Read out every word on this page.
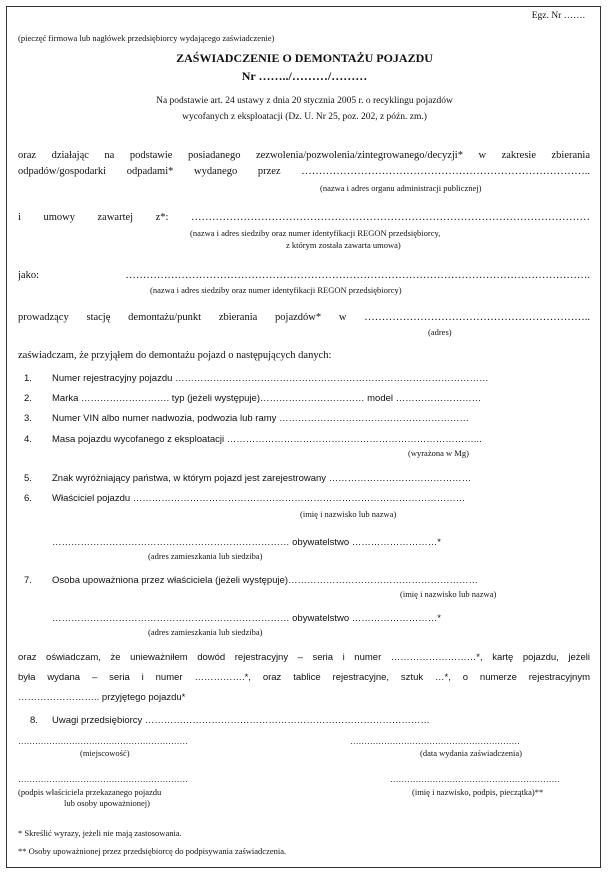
Egz. Nr …….
(pieczęć firmowa lub nagłówek przedsiębiorcy wydającego zaświadczenie)
ZAŚWIADCZENIE O DEMONTAŻU POJAZDU
Nr ……../………/………
Na podstawie art. 24 ustawy z dnia 20 stycznia 2005 r. o recyklingu pojazdów
wycofanych z eksploatacji (Dz. U. Nr 25, poz. 202, z późn. zm.)
oraz działając na podstawie posiadanego zezwolenia/pozwolenia/zintegrowanego/decyzji* w zakresie zbierania
odpadów/gospodarki odpadami* wydanego przez ………………………………………………………………………..
(nazwa i adres organu administracji publicznej)
i umowy zawartej z*: ……………………………………………………………………………………………………
(nazwa i adres siedziby oraz numer identyfikacji REGON przedsiębiorcy,
z którym została zawarta umowa)
jako: …………………………………………………………………………………………………………………….
(nazwa i adres siedziby oraz numer identyfikacji REGON przedsiębiorcy)
prowadzący stację demontażu/punkt zbierania pojazdów* w ………………………………………………………..
(adres)
zaświadczam, że przyjąłem do demontażu pojazd o następujących danych:
1.	Numer rejestracyjny pojazdu ………………………………………………………………………………………
2.	Marka ………………………. typ (jeżeli występuje)…………………………… model ………………………
3.	Numer VIN albo numer nadwozia, podwozia lub ramy ……………………………………………………
4.	Masa pojazdu wycofanego z eksploatacji ……………………………………………………………………...
(wyrażona w Mg)
5.	Znak wyróżniający państwa, w którym pojazd jest zarejestrowany ………………………………………
6.	Właściciel pojazdu ……………………………………………………………………………………………
(imię i nazwisko lub nazwa)
………………………………………………………………… obywatelstwo ………………………*
(adres zamieszkania lub siedziba)
7.	Osoba upoważniona przez właściciela (jeżeli występuje)……………………………………………………
(imię i nazwisko lub nazwa)
………………………………………………………………… obywatelstwo ………………………*
(adres zamieszkania lub siedziba)
oraz oświadczam, że unieważniłem dowód rejestracyjny – seria i numer ………………………*, kartę pojazdu, jeżeli
była wydana – seria i numer …………….*, oraz tablice rejestracyjne, sztuk …*, o numerze rejestracyjnym
…………………….. przyjętego pojazdu*
8.	Uwagi przedsiębiorcy ………………………………………………………………………………
……………………………………………………
(miejscowość)
……………………………………………………
(data wydania zaświadczenia)
……………………………………………………
(podpis właściciela przekazanego pojazdu
lub osoby upoważnionej)
……………………………………………………
(imię i nazwisko, podpis, pieczątka)**
* Skreślić wyrazy, jeżeli nie mają zastosowania.
** Osoby upoważnionej przez przedsiębiorcę do podpisywania zaświadczenia.
